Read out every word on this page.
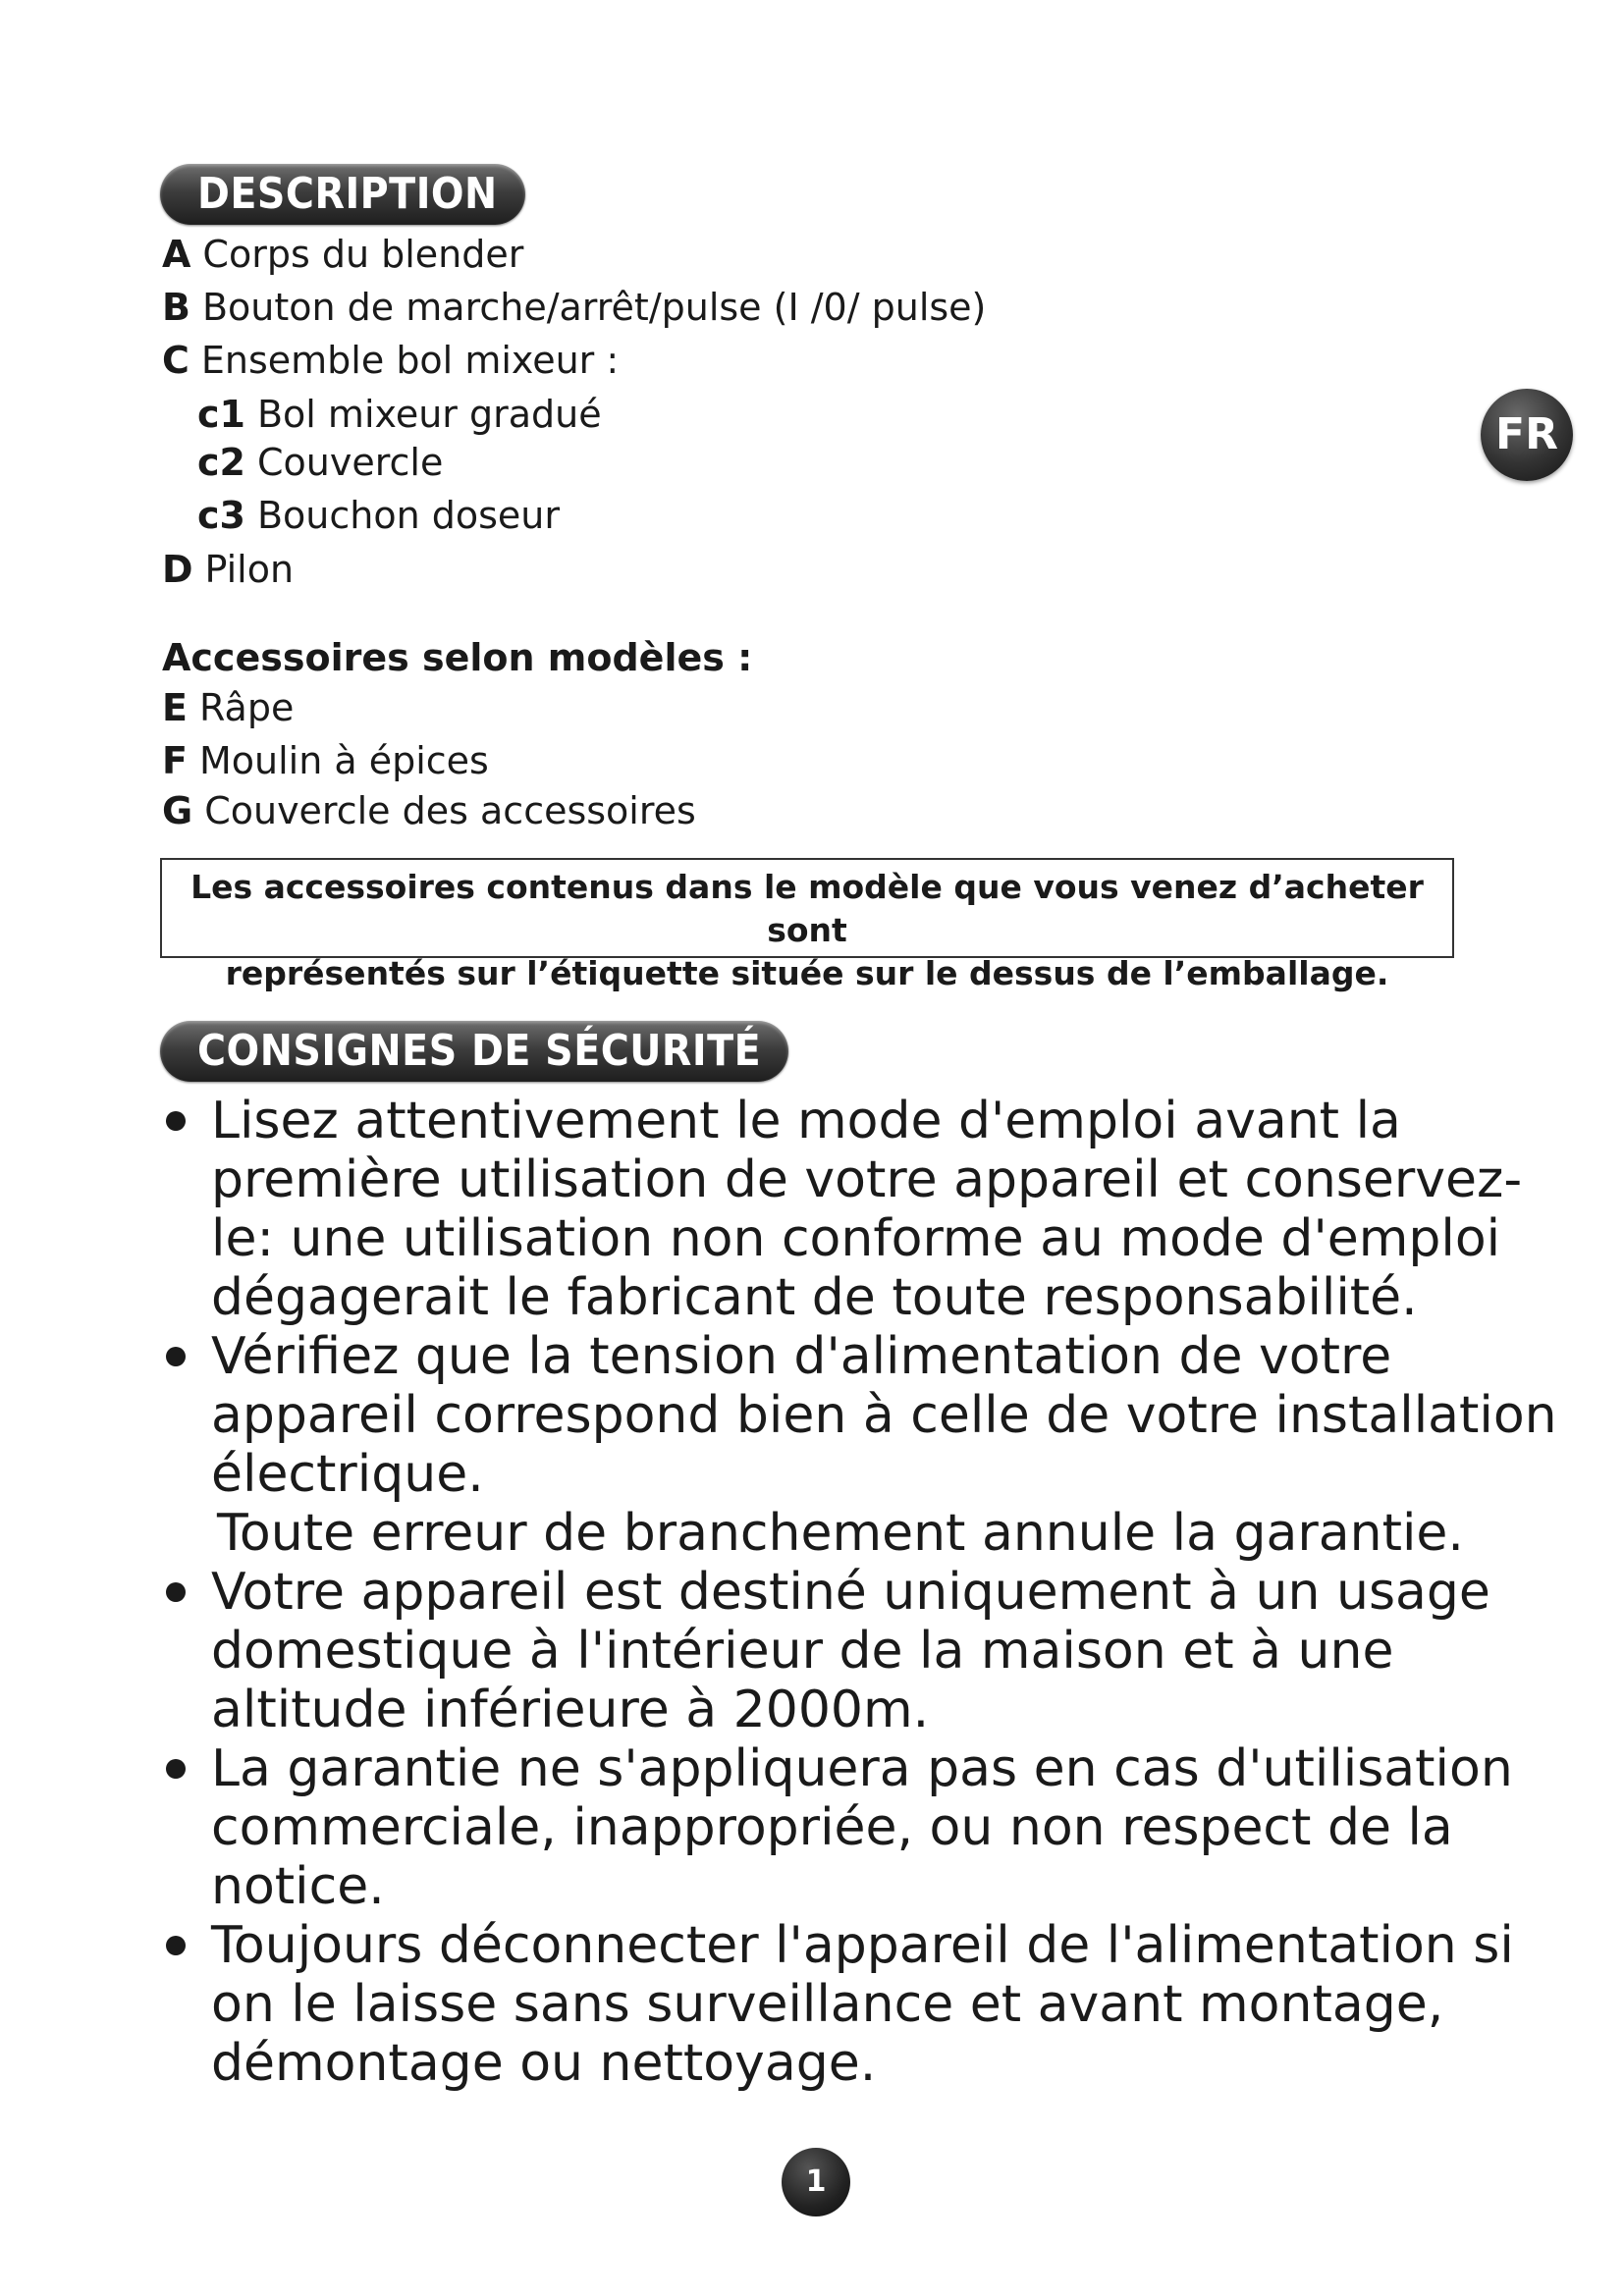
DESCRIPTION
FR
A Corps du blender
B Bouton de marche/arrêt/pulse (I /0/ pulse)
C Ensemble bol mixeur :
c1 Bol mixeur gradué
c2 Couvercle
c3 Bouchon doseur
D Pilon
Accessoires selon modèles :
E Râpe
F Moulin à épices
G Couvercle des accessoires
Les accessoires contenus dans le modèle que vous venez d’acheter sont
représentés sur l’étiquette située sur le dessus de l’emballage.
CONSIGNES DE SÉCURITÉ
Lisez attentivement le mode d'emploi avant la
première utilisation de votre appareil et conservez-
le: une utilisation non conforme au mode d'emploi
dégagerait le fabricant de toute responsabilité.
Vérifiez que la tension d'alimentation de votre
appareil correspond bien à celle de votre installation
électrique.
Toute erreur de branchement annule la garantie.
Votre appareil est destiné uniquement à un usage
domestique à l'intérieur de la maison et à une
altitude inférieure à 2000m.
La garantie ne s'appliquera pas en cas d'utilisation
commerciale, inappropriée, ou non respect de la
notice.
Toujours déconnecter l'appareil de l'alimentation si
on le laisse sans surveillance et avant montage,
démontage ou nettoyage.
1
